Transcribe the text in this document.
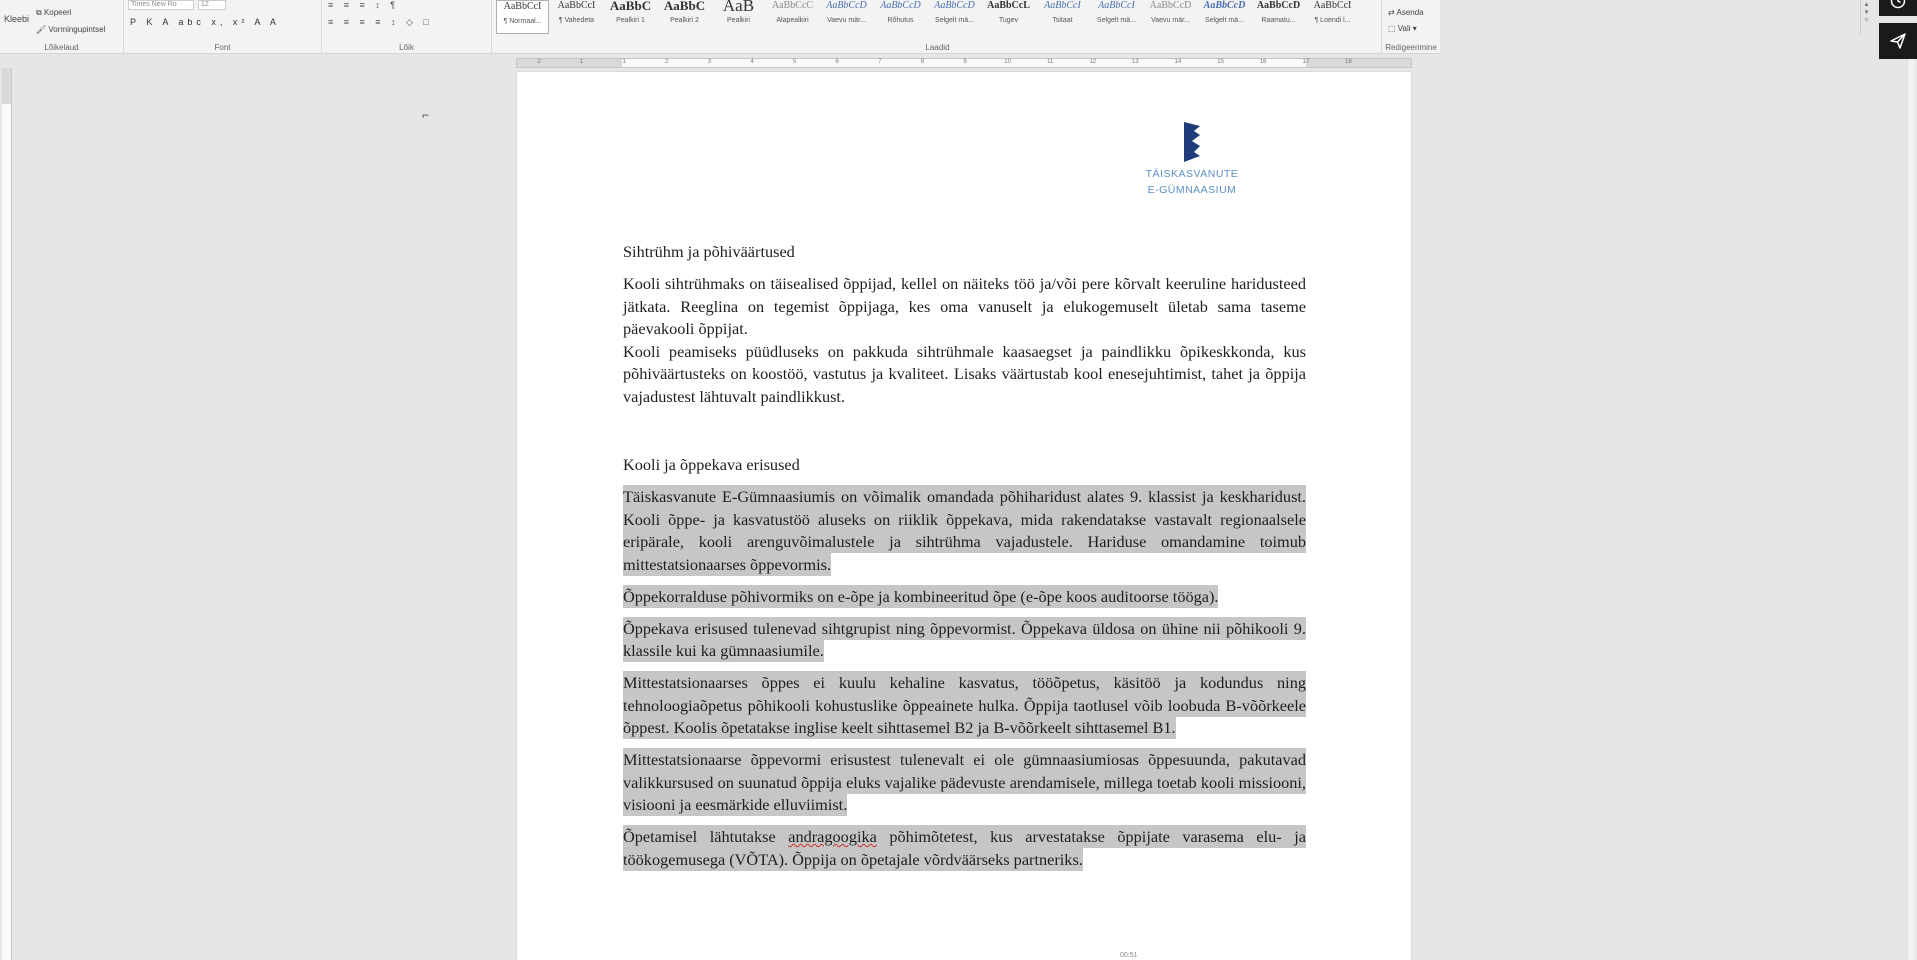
Kleebi
⧉ Kopeeri
🖌 Vormingupintsel
Lõikelaud
Times New Ro	12
P K A abc x, x² A A
Font
≡ ≡ ≡ ↕ ¶
≡ ≡ ≡ ≡ ↕ ◇ □
Lõik
AaBbCcI
¶ Normaal...
AaBbCcI
¶ Vahedeta
AaBbC
Pealkiri 1
AaBbC
Pealkiri 2
AaB
Pealkiri
AaBbCcC
Alapealkiri
AaBbCcD
Vaevu mär...
AaBbCcD
Rõhutus
AaBbCcD
Selgelt mä...
AaBbCcL
Tugev
AaBbCcI
Tsitaat
AaBbCcI
Selgelt mä...
AaBbCcD
Vaevu mär...
AaBbCcD
Selgelt mä...
AaBbCcD
Raamatu...
AaBbCcI
¶ Loendi l...
▴
▾
▿
Laadid
⇄ Asenda
⬚ Vali ▾
Redigeerimine
2	1	1	2	3	4	5	6	7	8	9	10	11	12	13	14	15	16	17	18
⌐
TÄISKASVANUTE
E-GÜMNAASIUM

Sihtrühm ja põhiväärtused

Kooli sihtrühmaks on täisealised õppijad, kellel on näiteks töö ja/või pere kõrvalt keeruline haridusteed jätkata. Reeglina on tegemist õppijaga, kes oma vanuselt ja elukogemuselt ületab sama taseme päevakooli õppijat.

Kooli peamiseks püüdluseks on pakkuda sihtrühmale kaasaegset ja paindlikku õpikeskkonda, kus põhiväärtusteks on koostöö, vastutus ja kvaliteet. Lisaks väärtustab kool enesejuhtimist, tahet ja õppija vajadustest lähtuvalt paindlikkust.

Kooli ja õppekava erisused

Täiskasvanute E-Gümnaasiumis on võimalik omandada põhiharidust alates 9. klassist ja keskharidust. Kooli õppe- ja kasvatustöö aluseks on riiklik õppekava, mida rakendatakse vastavalt regionaalsele eripärale, kooli arenguvõimalustele ja sihtrühma vajadustele. Hariduse omandamine toimub mittestatsionaarses õppevormis.

Õppekorralduse põhivormiks on e-õpe ja kombineeritud õpe (e-õpe koos auditoorse tööga).

Õppekava erisused tulenevad sihtgrupist ning õppevormist. Õppekava üldosa on ühine nii põhikooli 9. klassile kui ka gümnaasiumile.

Mittestatsionaarses õppes ei kuulu kehaline kasvatus, tööõpetus, käsitöö ja kodundus ning tehnoloogiaõpetus põhikooli kohustuslike õppeainete hulka. Õppija taotlusel võib loobuda B-võõrkeele õppest. Koolis õpetatakse inglise keelt sihttasemel B2 ja B-võõrkeelt sihttasemel B1.

Mittestatsionaarse õppevormi erisustest tulenevalt ei ole gümnaasiumiosas õppesuunda, pakutavad valikkursused on suunatud õppija eluks vajalike pädevuste arendamisele, millega toetab kooli missiooni, visiooni ja eesmärkide elluviimist.

Õpetamisel lähtutakse andragoogika põhimõtetest, kus arvestatakse õppijate varasema elu- ja töökogemusega (VÕTA). Õppija on õpetajale võrdväärseks partneriks.

00:51
